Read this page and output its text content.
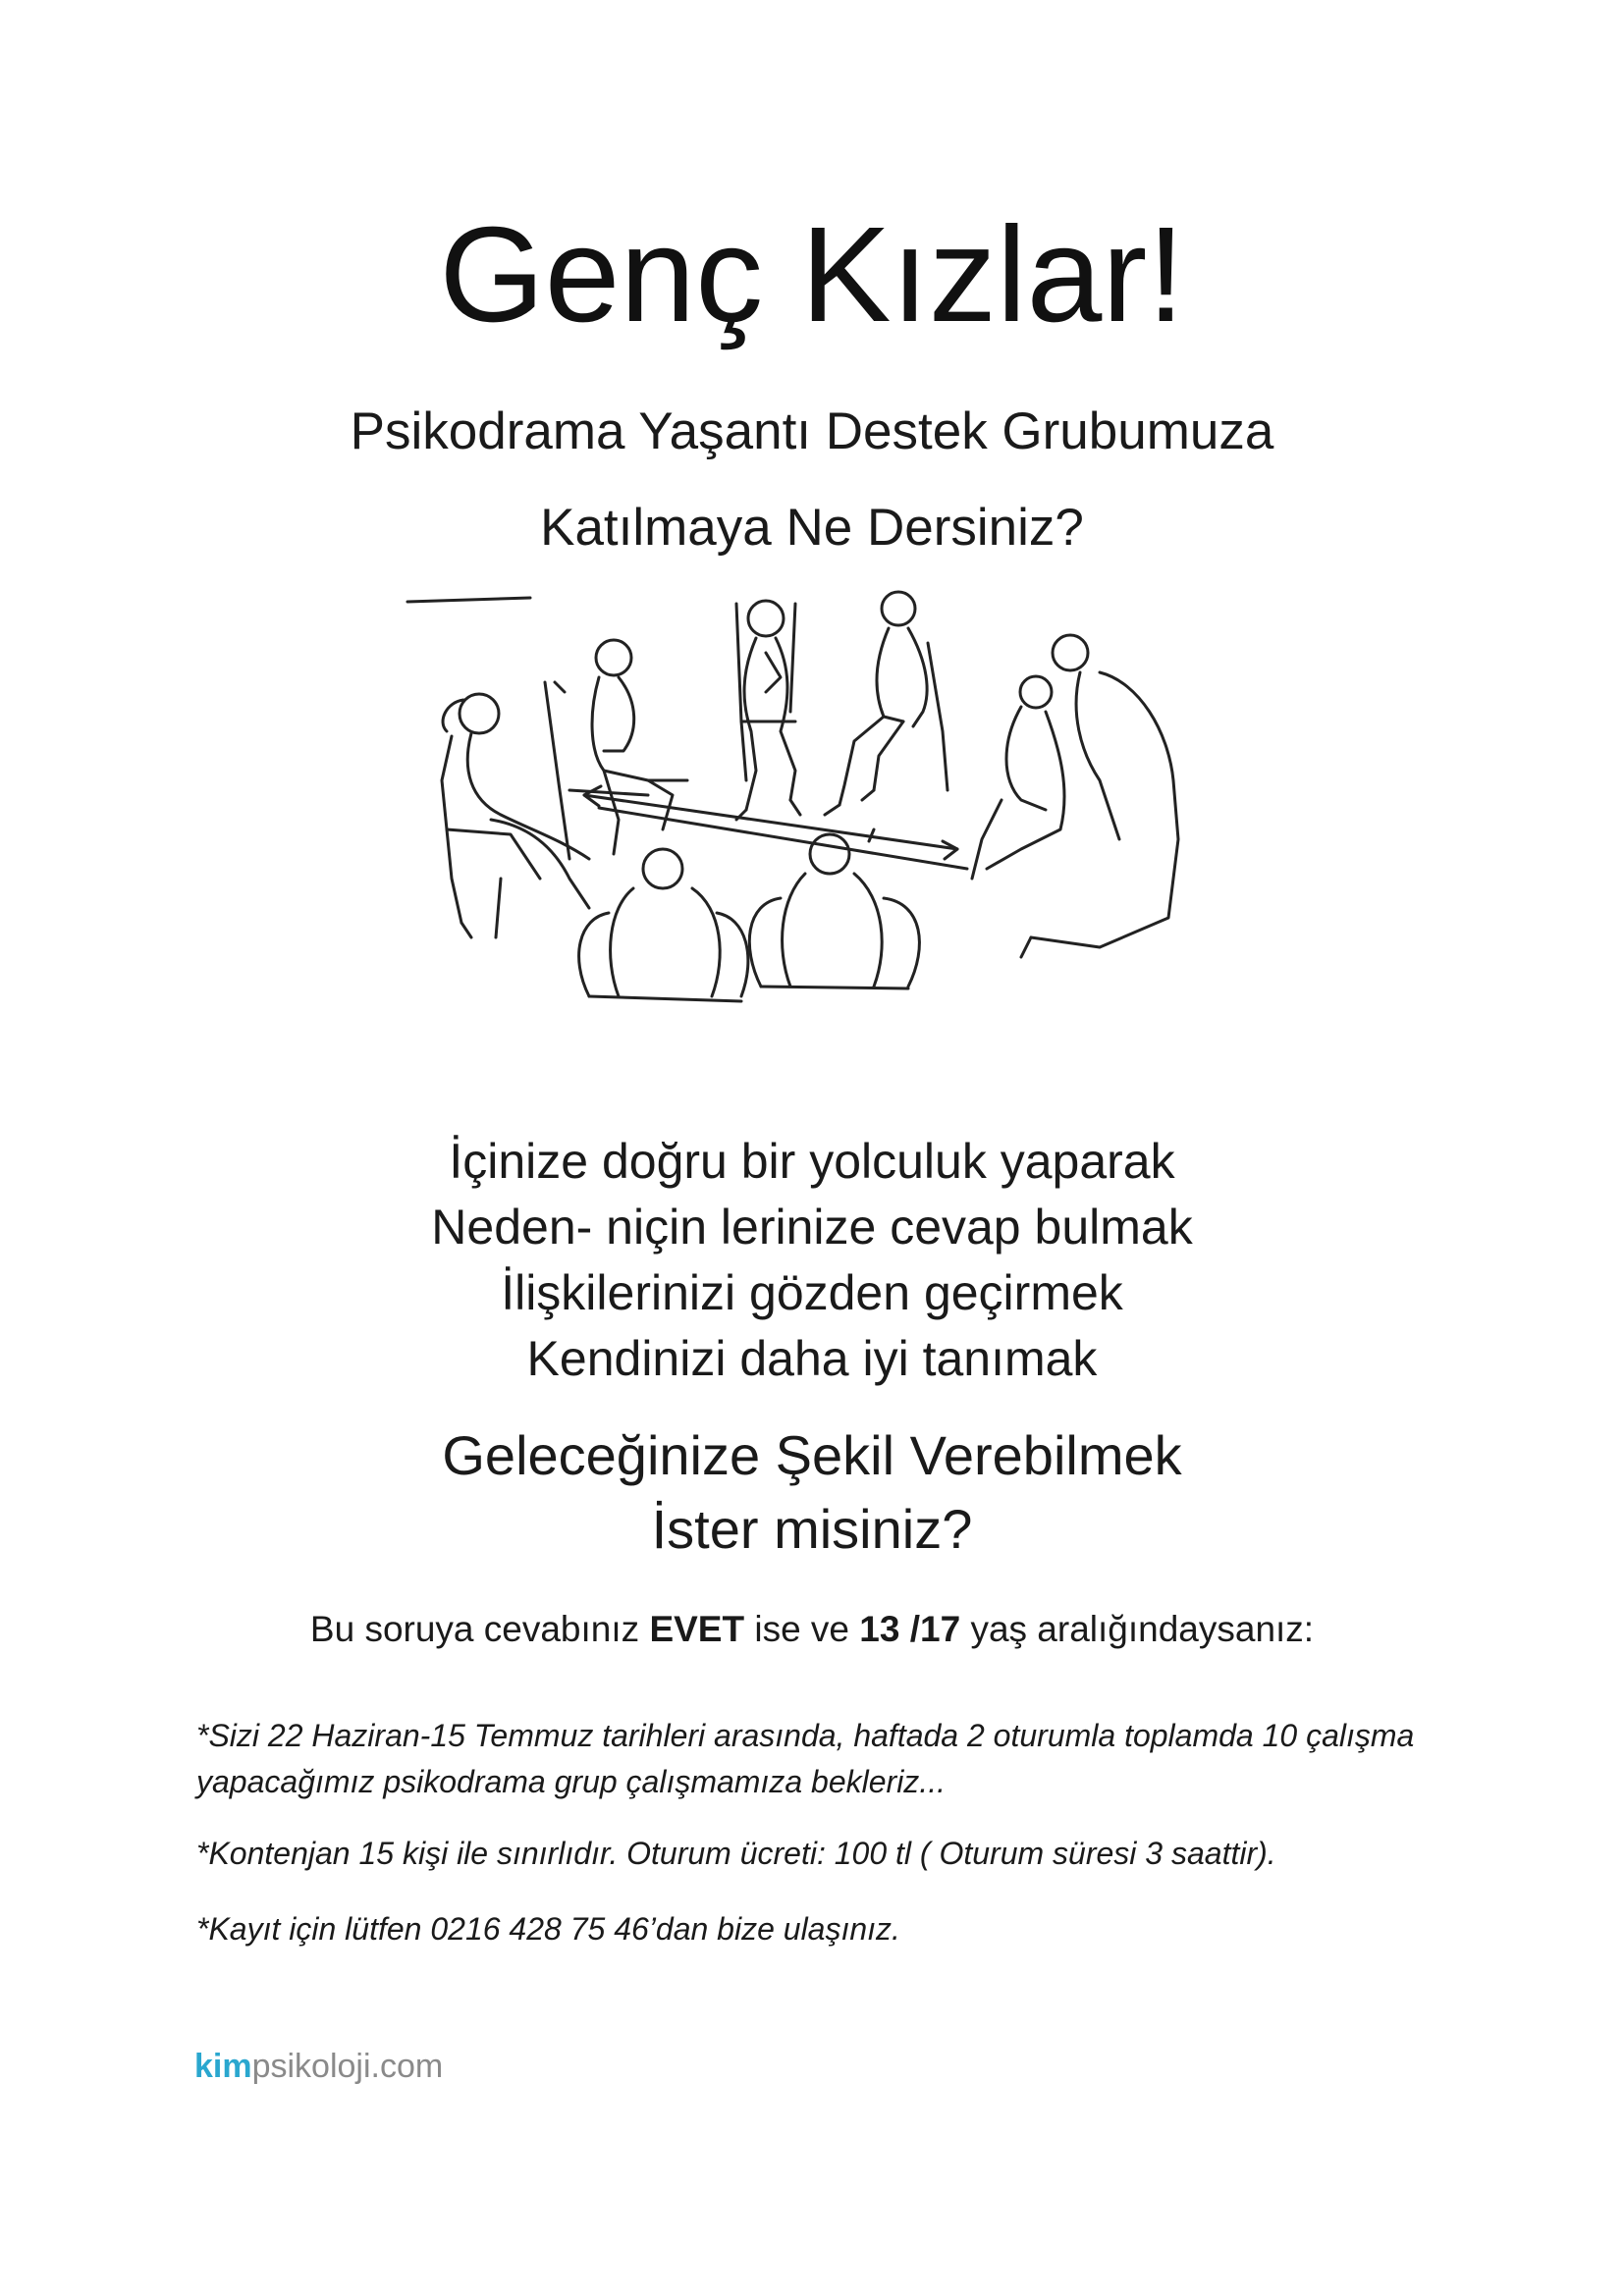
Genç Kızlar!
Psikodrama Yaşantı Destek Grubumuza
Katılmaya Ne Dersiniz?
İçinize doğru bir yolculuk yaparak
Neden- niçin lerinize cevap bulmak
İlişkilerinizi gözden geçirmek
Kendinizi daha iyi tanımak
Geleceğinize Şekil Verebilmek
İster misiniz?
Bu soruya cevabınız EVET ise ve 13 /17 yaş aralığındaysanız:
*Sizi 22 Haziran-15 Temmuz tarihleri arasında, haftada 2 oturumla toplamda 10 çalışma yapacağımız psikodrama grup çalışmamıza bekleriz...
*Kontenjan 15 kişi ile sınırlıdır. Oturum ücreti: 100 tl ( Oturum süresi 3 saattir).
*Kayıt için lütfen 0216 428 75 46’dan bize ulaşınız.
kimpsikoloji.com
